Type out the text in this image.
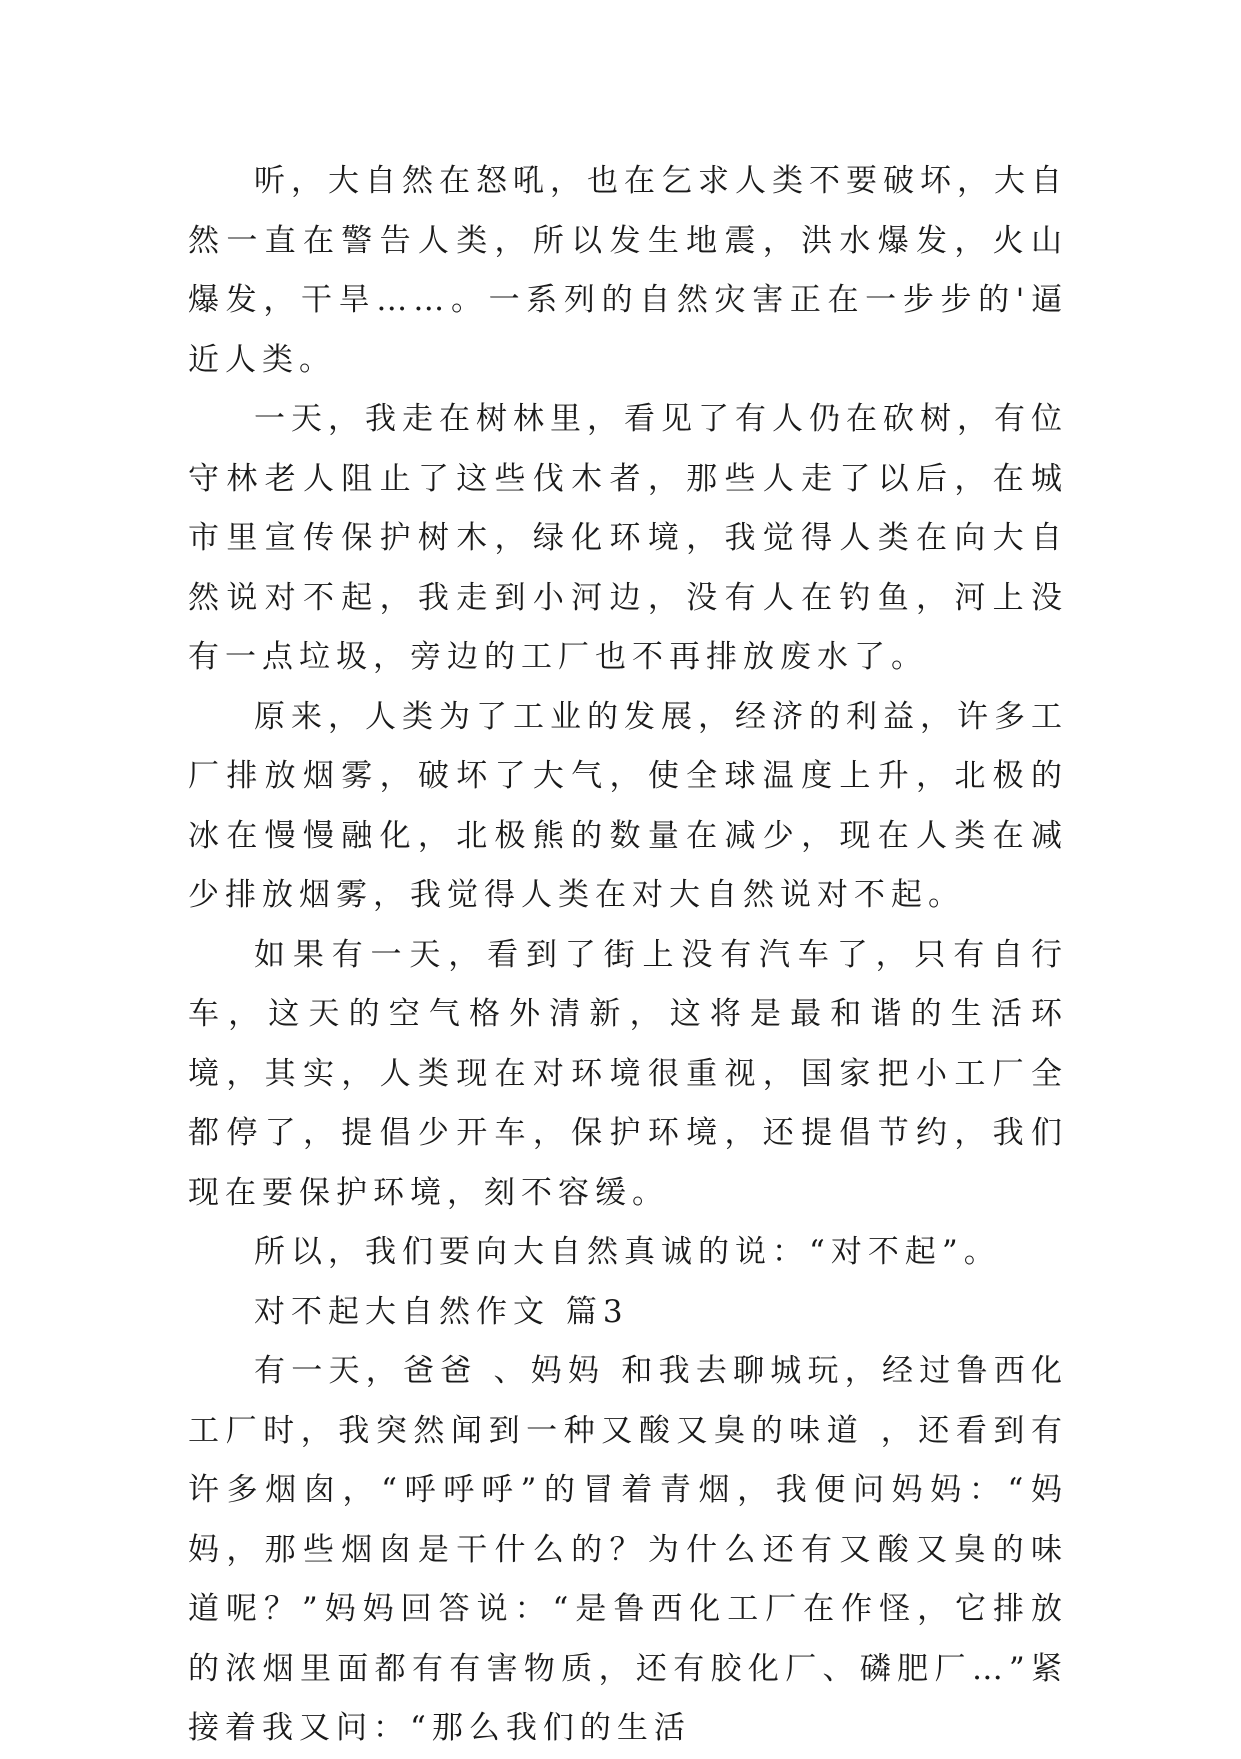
听，大自然在怒吼，也在乞求人类不要破坏，大自然一直在警告人类，所以发生地震，洪水爆发，火山爆发，干旱……。一系列的自然灾害正在一步步的'逼近人类。

一天，我走在树林里，看见了有人仍在砍树，有位守林老人阻止了这些伐木者，那些人走了以后，在城市里宣传保护树木，绿化环境，我觉得人类在向大自然说对不起，我走到小河边，没有人在钓鱼，河上没有一点垃圾，旁边的工厂也不再排放废水了。

原来，人类为了工业的发展，经济的利益，许多工厂排放烟雾，破坏了大气，使全球温度上升，北极的冰在慢慢融化，北极熊的数量在减少，现在人类在减少排放烟雾，我觉得人类在对大自然说对不起。

如果有一天，看到了街上没有汽车了，只有自行车，这天的空气格外清新，这将是最和谐的生活环境，其实，人类现在对环境很重视，国家把小工厂全都停了，提倡少开车，保护环境，还提倡节约，我们现在要保护环境，刻不容缓。

所以，我们要向大自然真诚的说：“对不起”。

对不起大自然作文 篇3

有一天，爸爸 、妈妈 和我去聊城玩，经过鲁西化工厂时，我突然闻到一种又酸又臭的味道 ，还看到有许多烟囱，“呼呼呼”的冒着青烟，我便问妈妈：“妈妈，那些烟囱是干什么的？为什么还有又酸又臭的味道呢？”妈妈回答说：“是鲁西化工厂在作怪，它排放的浓烟里面都有有害物质，还有胶化厂、磷肥厂…”紧接着我又问：“那么我们的生活
